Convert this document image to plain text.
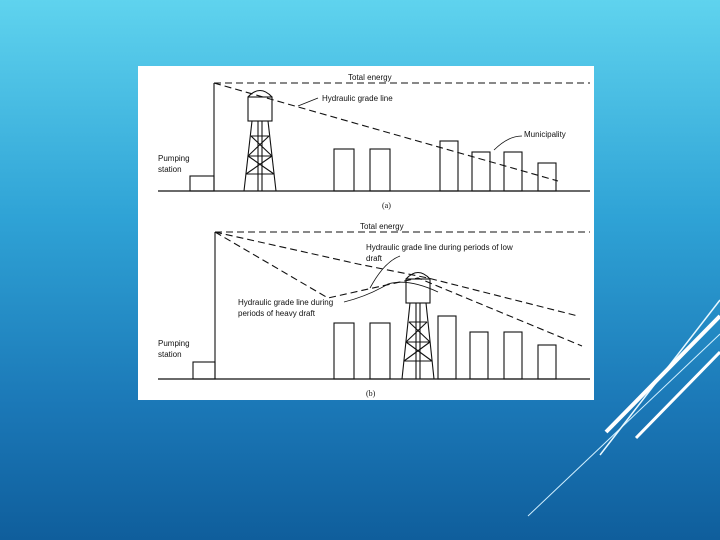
Total energy
Hydraulic grade line
Municipality
Pumping
station
(a)
Total energy
Hydraulic grade line during periods of low
draft
Hydraulic grade line during
periods of heavy draft
Pumping
station
(b)
